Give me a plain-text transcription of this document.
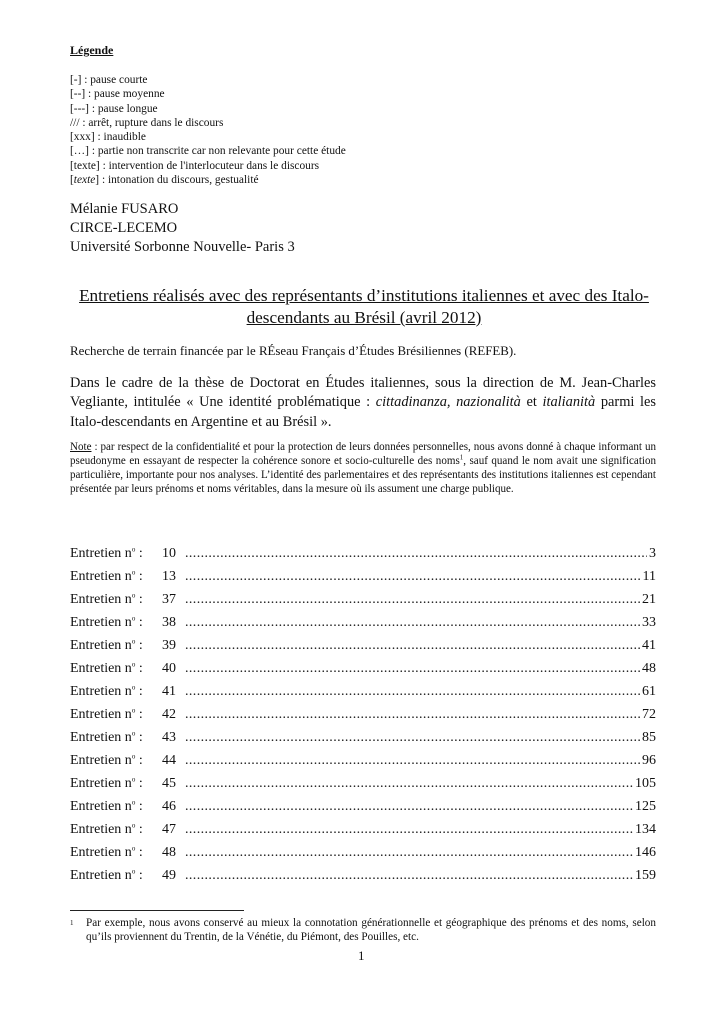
Légende
[-] : pause courte
[--] : pause moyenne
[---] : pause longue
/// : arrêt, rupture dans le discours
[xxx] : inaudible
[…] : partie non transcrite car non relevante pour cette étude
[texte] : intervention de l'interlocuteur dans le discours
[texte] : intonation du discours, gestualité
Mélanie FUSARO
CIRCE-LECEMO
Université Sorbonne Nouvelle- Paris 3
Entretiens réalisés avec des représentants d’institutions italiennes et avec des Italo-descendants au Brésil (avril 2012)
Recherche de terrain financée par le RÉseau Français d’Études Brésiliennes (REFEB).
Dans le cadre de la thèse de Doctorat en Études italiennes, sous la direction de M. Jean-Charles Vegliante, intitulée « Une identité problématique : cittadinanza, nazionalità et italianità parmi les Italo-descendants en Argentine et au Brésil ».
Note : par respect de la confidentialité et pour la protection de leurs données personnelles, nous avons donné à chaque informant un pseudonyme en essayant de respecter la cohérence sonore et socio-culturelle des noms$^1$, sauf quand le nom avait une signification particulière, importante pour nos analyses. L’identité des parlementaires et des représentants des institutions italiennes est cependant présentée par leurs prénoms et noms véritables, dans la mesure où ils assument une charge publique.
Entretien $n^o$ :	10 .....	3
Entretien $n^o$ :	13 .....	11
Entretien $n^o$ :	37 .....	21
Entretien $n^o$ :	38 .....	33
Entretien $n^o$ :	39 .....	41
Entretien $n^o$ :	40 .....	48
Entretien $n^o$ :	41 .....	61
Entretien $n^o$ :	42 .....	72
Entretien $n^o$ :	43 .....	85
Entretien $n^o$ :	44 .....	96
Entretien $n^o$ :	45 .....	105
Entretien $n^o$ :	46 .....	125
Entretien $n^o$ :	47 .....	134
Entretien $n^o$ :	48 .....	146
Entretien $n^o$ :	49 .....	159
1 Par exemple, nous avons conservé au mieux la connotation générationnelle et géographique des prénoms et des noms, selon qu’ils proviennent du Trentin, de la Vénétie, du Piémont, des Pouilles, etc.
1
